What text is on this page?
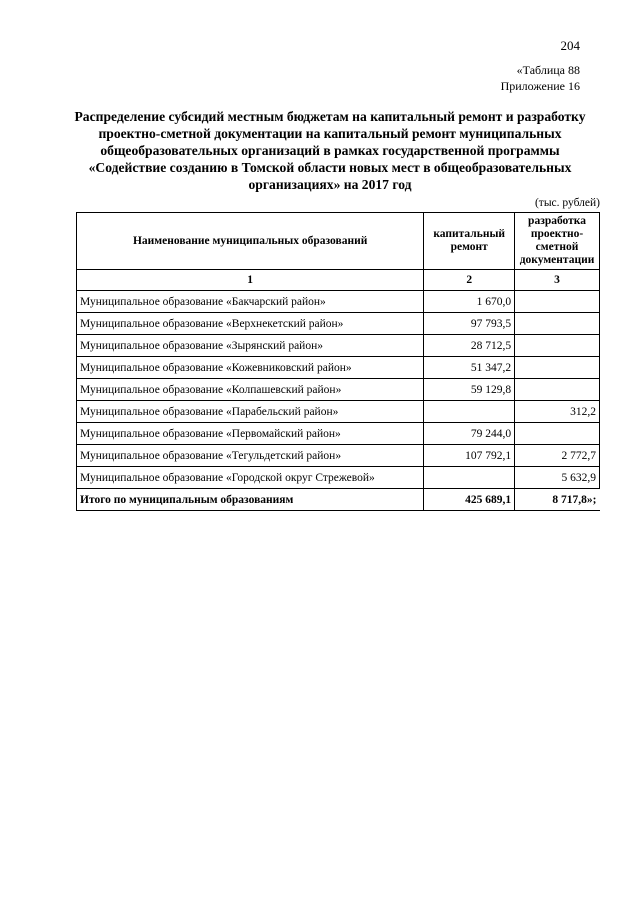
204
«Таблица 88
Приложение 16
Распределение субсидий местным бюджетам на капитальный ремонт и разработку проектно-сметной документации на капитальный ремонт муниципальных общеобразовательных организаций в рамках государственной программы «Содействие созданию в Томской области новых мест в общеобразовательных организациях» на 2017 год
(тыс. рублей)
Наименование муниципальных образований	капитальный ремонт	разработка проектно-сметной документации
1	2	3
Муниципальное образование «Бакчарский район»	1 670,0	
Муниципальное образование «Верхнекетский район»	97 793,5	
Муниципальное образование «Зырянский район»	28 712,5	
Муниципальное образование «Кожевниковский район»	51 347,2	
Муниципальное образование «Колпашевский район»	59 129,8	
Муниципальное образование «Парабельский район»		312,2
Муниципальное образование «Первомайский район»	79 244,0	
Муниципальное образование «Тегульдетский район»	107 792,1	2 772,7
Муниципальное образование «Городской округ Стрежевой»		5 632,9
Итого по муниципальным образованиям	425 689,1	8 717,8»;
